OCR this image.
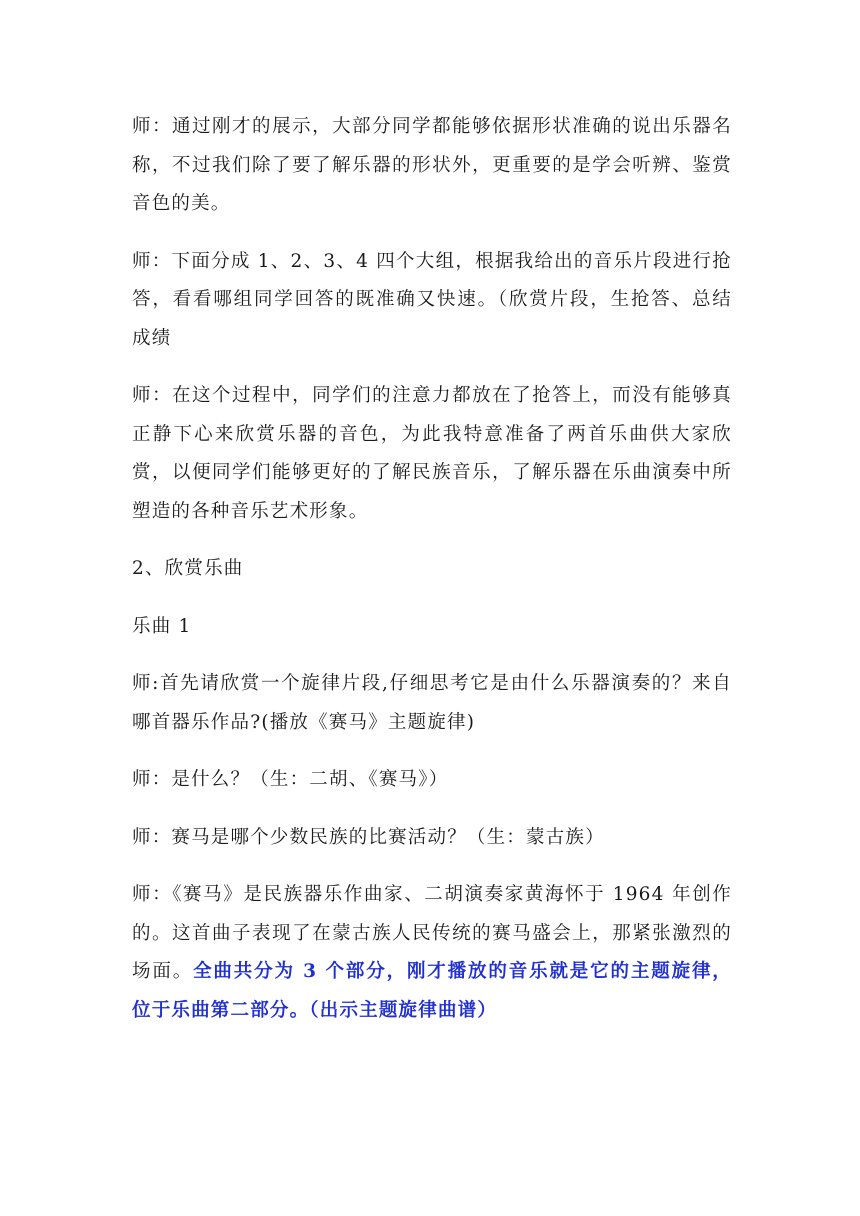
师：通过刚才的展示，大部分同学都能够依据形状准确的说出乐器名称，不过我们除了要了解乐器的形状外，更重要的是学会听辨、鉴赏音色的美。

师：下面分成 1、2、3、4 四个大组，根据我给出的音乐片段进行抢答，看看哪组同学回答的既准确又快速。（欣赏片段，生抢答、总结成绩

师：在这个过程中，同学们的注意力都放在了抢答上，而没有能够真正静下心来欣赏乐器的音色，为此我特意准备了两首乐曲供大家欣赏，以便同学们能够更好的了解民族音乐，了解乐器在乐曲演奏中所塑造的各种音乐艺术形象。

2、欣赏乐曲

乐曲 1

师:首先请欣赏一个旋律片段,仔细思考它是由什么乐器演奏的？来自哪首器乐作品?(播放《赛马》主题旋律)

师：是什么？（生：二胡、《赛马》）

师：赛马是哪个少数民族的比赛活动？（生：蒙古族）

师：《赛马》是民族器乐作曲家、二胡演奏家黄海怀于 1964 年创作的。这首曲子表现了在蒙古族人民传统的赛马盛会上，那紧张激烈的场面。全曲共分为 3 个部分，刚才播放的音乐就是它的主题旋律，位于乐曲第二部分。（出示主题旋律曲谱）
